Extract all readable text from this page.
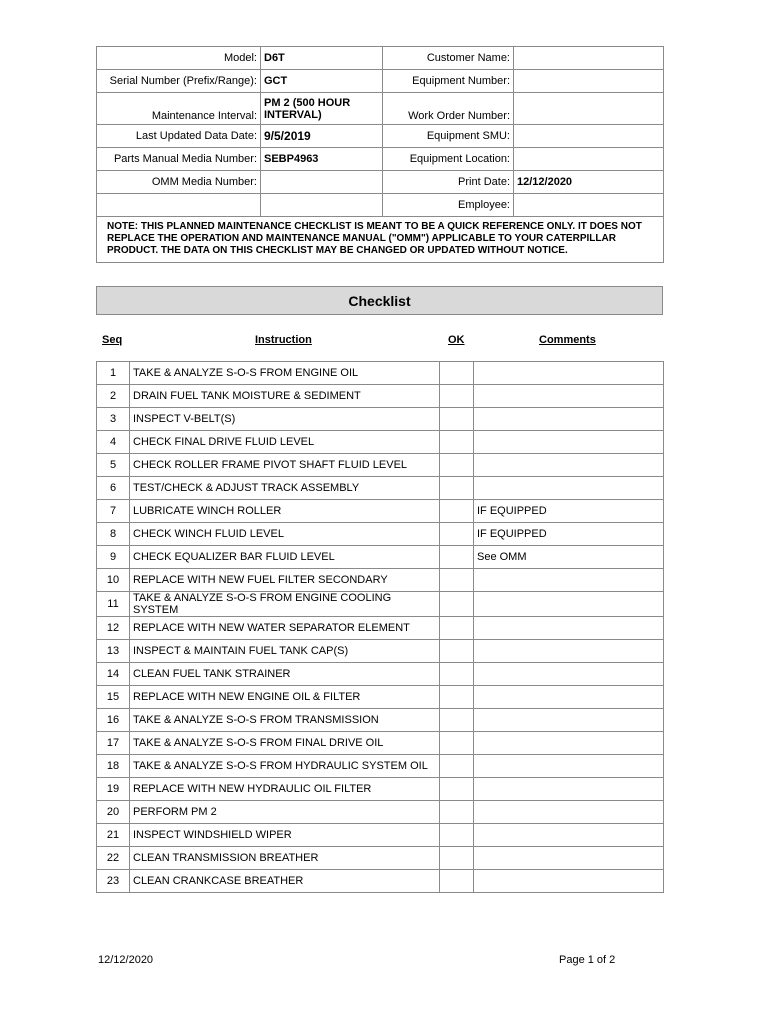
Model:	D6T	Customer Name:	
Serial Number (Prefix/Range):	GCT	Equipment Number:	
Maintenance Interval:	PM 2 (500 HOUR INTERVAL)	Work Order Number:	
Last Updated Data Date:	9/5/2019	Equipment SMU:	
Parts Manual Media Number:	SEBP4963	Equipment Location:	
OMM Media Number:		Print Date:	12/12/2020
		Employee:	
NOTE: THIS PLANNED MAINTENANCE CHECKLIST IS MEANT TO BE A QUICK REFERENCE ONLY. IT DOES NOT REPLACE THE OPERATION AND MAINTENANCE MANUAL ("OMM") APPLICABLE TO YOUR CATERPILLAR PRODUCT. THE DATA ON THIS CHECKLIST MAY BE CHANGED OR UPDATED WITHOUT NOTICE.			
Checklist
Seq	Instruction	OK	Comments
1	TAKE & ANALYZE S-O-S FROM ENGINE OIL		
2	DRAIN FUEL TANK MOISTURE & SEDIMENT		
3	INSPECT V-BELT(S)		
4	CHECK FINAL DRIVE FLUID LEVEL		
5	CHECK ROLLER FRAME PIVOT SHAFT FLUID LEVEL		
6	TEST/CHECK & ADJUST TRACK ASSEMBLY		
7	LUBRICATE WINCH ROLLER		IF EQUIPPED
8	CHECK WINCH FLUID LEVEL		IF EQUIPPED
9	CHECK EQUALIZER BAR FLUID LEVEL		See OMM
10	REPLACE WITH NEW FUEL FILTER SECONDARY		
11	TAKE & ANALYZE S-O-S FROM ENGINE COOLING SYSTEM		
12	REPLACE WITH NEW WATER SEPARATOR ELEMENT		
13	INSPECT & MAINTAIN FUEL TANK CAP(S)		
14	CLEAN FUEL TANK STRAINER		
15	REPLACE WITH NEW ENGINE OIL & FILTER		
16	TAKE & ANALYZE S-O-S FROM TRANSMISSION		
17	TAKE & ANALYZE S-O-S FROM FINAL DRIVE OIL		
18	TAKE & ANALYZE S-O-S FROM HYDRAULIC SYSTEM OIL		
19	REPLACE WITH NEW HYDRAULIC OIL FILTER		
20	PERFORM PM 2		
21	INSPECT WINDSHIELD WIPER		
22	CLEAN TRANSMISSION BREATHER		
23	CLEAN CRANKCASE BREATHER		
12/12/2020	Page 1 of 2
